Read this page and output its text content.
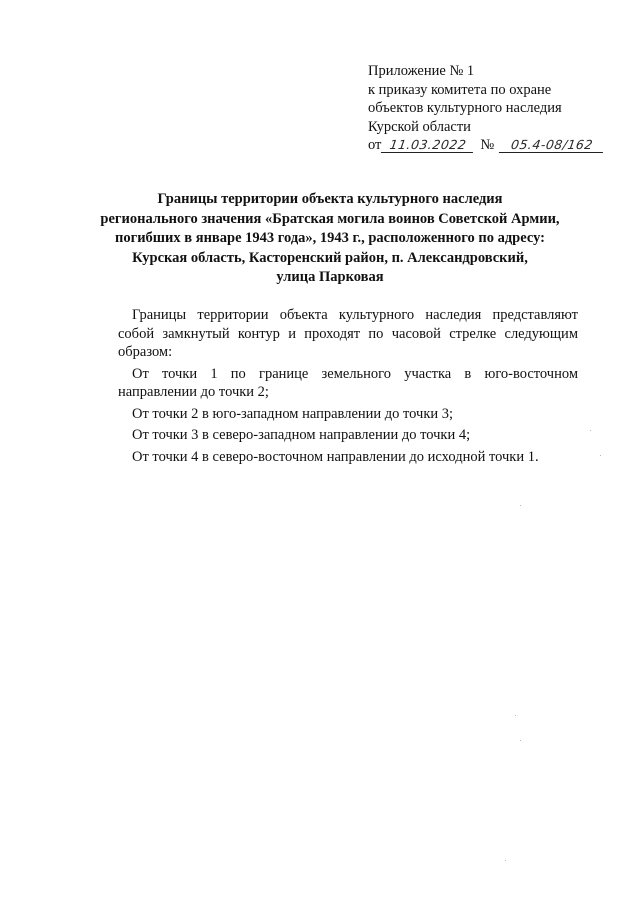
Приложение № 1
к приказу комитета по охране
объектов культурного наследия
Курской области
от 11.03.2022 №	05.4-08/162
Границы территории объекта культурного наследия
регионального значения «Братская могила воинов Советской Армии,
погибших в январе 1943 года», 1943 г., расположенного по адресу:
Курская область, Касторенский район, п. Александровский,
улица Парковая

Границы территории объекта культурного наследия представляют собой замкнутый контур и проходят по часовой стрелке следующим образом:

От точки 1 по границе земельного участка в юго-восточном направлении до точки 2;

От точки 2 в юго-западном направлении до точки 3;

От точки 3 в северо-западном направлении до точки 4;

От точки 4 в северо-восточном направлении до исходной точки 1.
